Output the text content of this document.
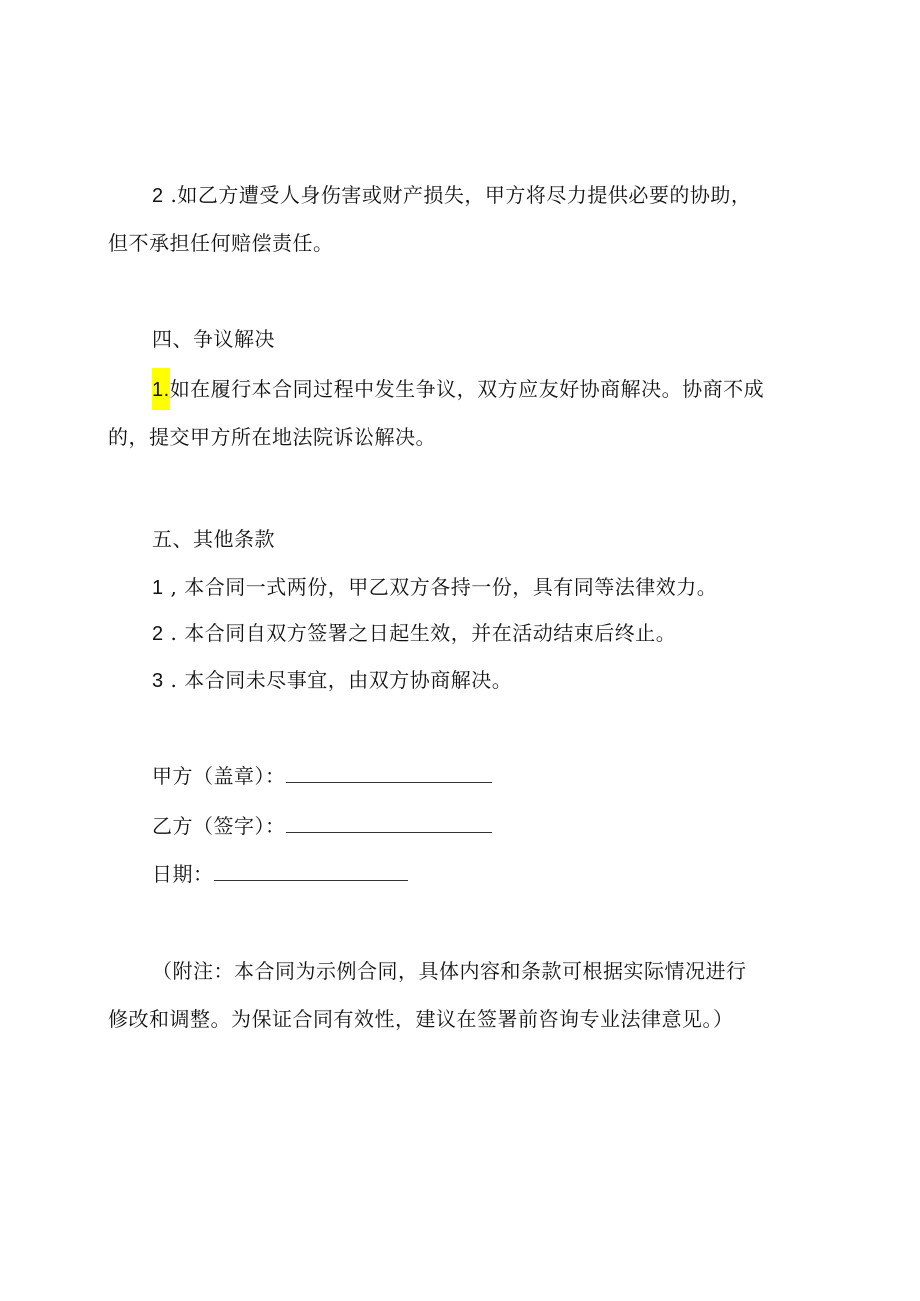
2 .如乙方遭受人身伤害或财产损失，甲方将尽力提供必要的协助，
但不承担任何赔偿责任。
四、争议解决
1.如在履行本合同过程中发生争议，双方应友好协商解决。协商不成
的，提交甲方所在地法院诉讼解决。
五、其他条款
1 , 本合同一式两份，甲乙双方各持一份，具有同等法律效力。
2 . 本合同自双方签署之日起生效，并在活动结束后终止。
3 . 本合同未尽事宜，由双方协商解决。
甲方（盖章）：
乙方（签字）：
日期：
（附注：本合同为示例合同，具体内容和条款可根据实际情况进行
修改和调整。为保证合同有效性，建议在签署前咨询专业法律意见。）
